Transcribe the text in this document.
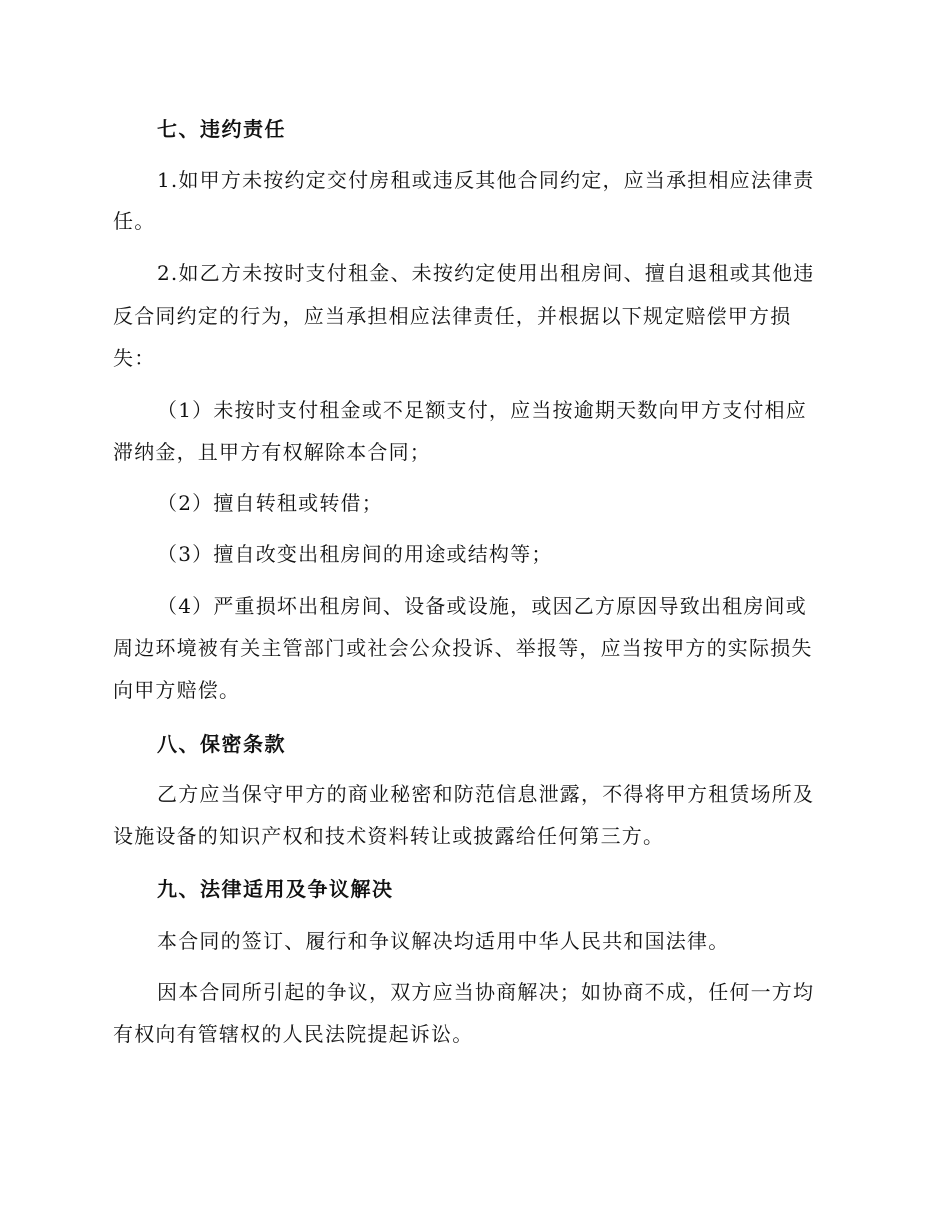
七、违约责任
1.如甲方未按约定交付房租或违反其他合同约定，应当承担相应法律责
任。
2.如乙方未按时支付租金、未按约定使用出租房间、擅自退租或其他违
反合同约定的行为，应当承担相应法律责任，并根据以下规定赔偿甲方损
失：
（1）未按时支付租金或不足额支付，应当按逾期天数向甲方支付相应
滞纳金，且甲方有权解除本合同；
（2）擅自转租或转借；
（3）擅自改变出租房间的用途或结构等；
（4）严重损坏出租房间、设备或设施，或因乙方原因导致出租房间或
周边环境被有关主管部门或社会公众投诉、举报等，应当按甲方的实际损失
向甲方赔偿。
八、保密条款
乙方应当保守甲方的商业秘密和防范信息泄露，不得将甲方租赁场所及
设施设备的知识产权和技术资料转让或披露给任何第三方。
九、法律适用及争议解决
本合同的签订、履行和争议解决均适用中华人民共和国法律。
因本合同所引起的争议，双方应当协商解决；如协商不成，任何一方均
有权向有管辖权的人民法院提起诉讼。
